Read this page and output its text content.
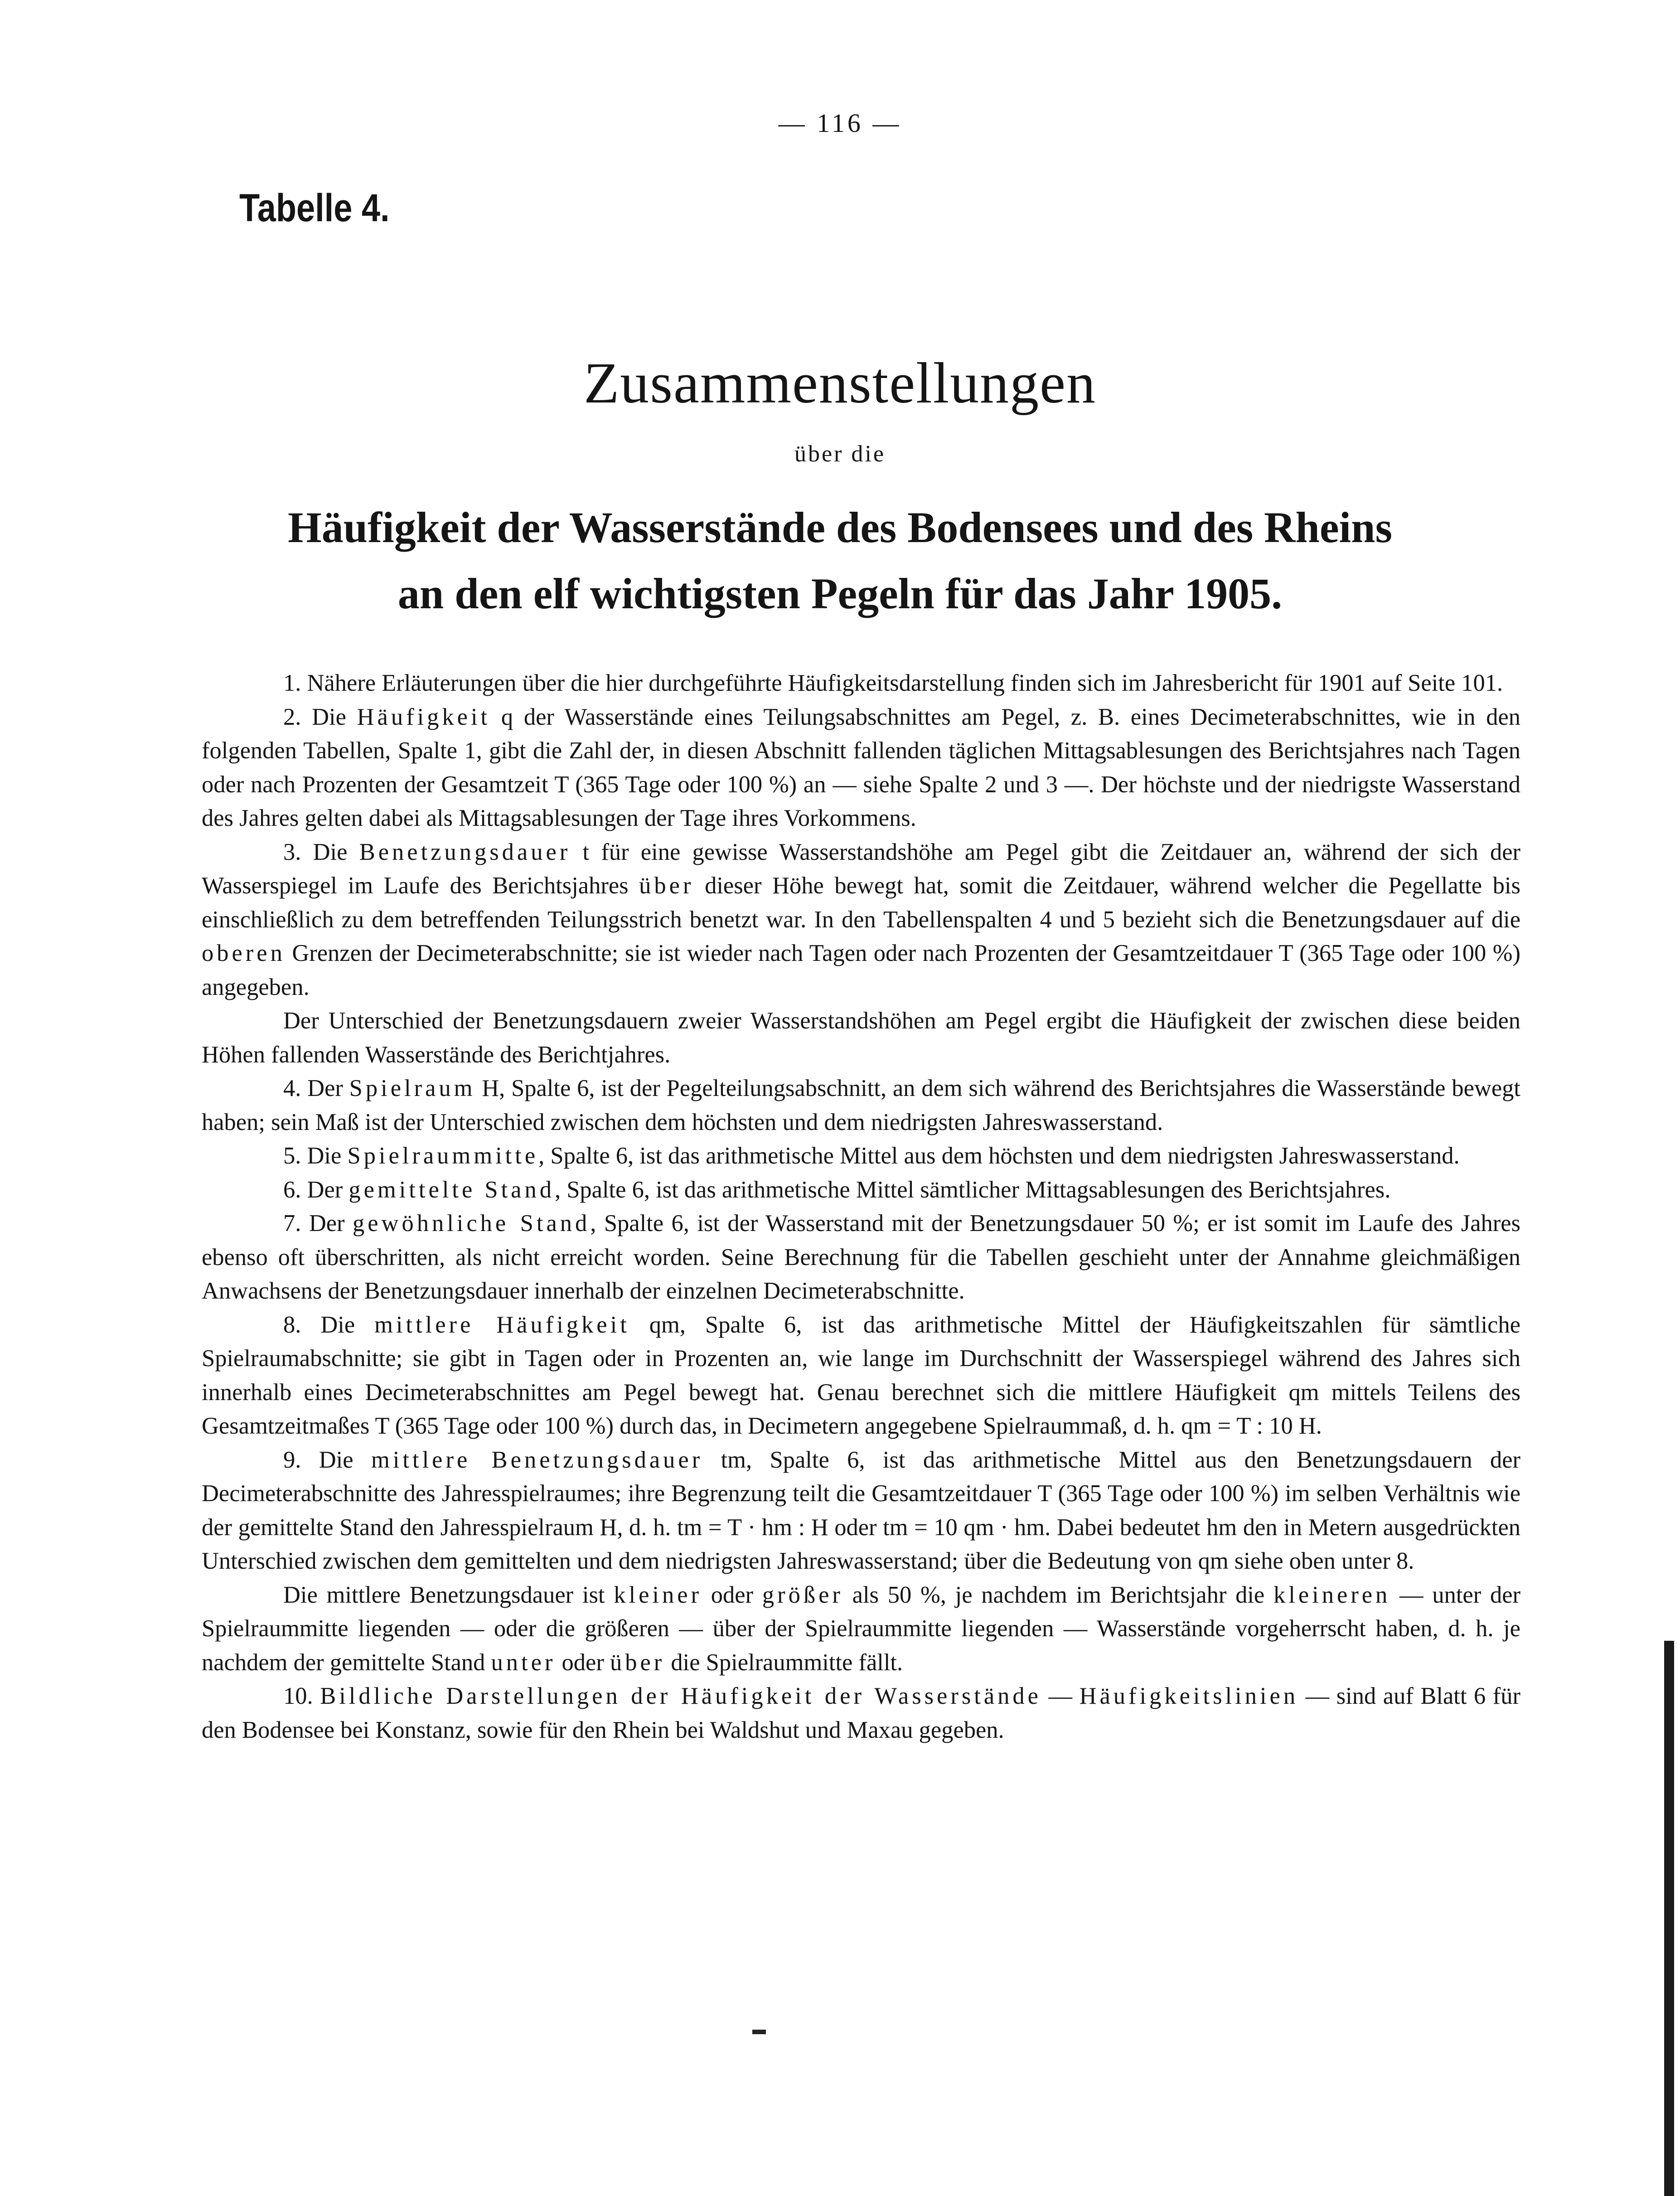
— 116 —
Tabelle 4.
Zusammenstellungen
über die
Häufigkeit der Wasserstände des Bodensees und des Rheins
an den elf wichtigsten Pegeln für das Jahr 1905.

1. Nähere Erläuterungen über die hier durchgeführte Häufigkeitsdarstellung finden sich im Jahresbericht für 1901 auf Seite 101.

2. Die Häufigkeit q der Wasserstände eines Teilungsabschnittes am Pegel, z. B. eines Decimeterabschnittes, wie in den folgenden Tabellen, Spalte 1, gibt die Zahl der, in diesen Abschnitt fallenden täglichen Mittagsablesungen des Berichtsjahres nach Tagen oder nach Prozenten der Gesamtzeit T (365 Tage oder 100 %) an — siehe Spalte 2 und 3 —. Der höchste und der niedrigste Wasserstand des Jahres gelten dabei als Mittagsablesungen der Tage ihres Vorkommens.

3. Die Benetzungsdauer t für eine gewisse Wasserstandshöhe am Pegel gibt die Zeitdauer an, während der sich der Wasserspiegel im Laufe des Berichtsjahres über dieser Höhe bewegt hat, somit die Zeitdauer, während welcher die Pegellatte bis einschließlich zu dem betreffenden Teilungsstrich benetzt war. In den Tabellenspalten 4 und 5 bezieht sich die Benetzungsdauer auf die oberen Grenzen der Decimeterabschnitte; sie ist wieder nach Tagen oder nach Prozenten der Gesamtzeitdauer T (365 Tage oder 100 %) angegeben.

Der Unterschied der Benetzungsdauern zweier Wasserstandshöhen am Pegel ergibt die Häufigkeit der zwischen diese beiden Höhen fallenden Wasserstände des Berichtjahres.

4. Der Spielraum H, Spalte 6, ist der Pegelteilungsabschnitt, an dem sich während des Berichtsjahres die Wasserstände bewegt haben; sein Maß ist der Unterschied zwischen dem höchsten und dem niedrigsten Jahreswasserstand.

5. Die Spielraummitte, Spalte 6, ist das arithmetische Mittel aus dem höchsten und dem niedrigsten Jahreswasserstand.

6. Der gemittelte Stand, Spalte 6, ist das arithmetische Mittel sämtlicher Mittagsablesungen des Berichtsjahres.

7. Der gewöhnliche Stand, Spalte 6, ist der Wasserstand mit der Benetzungsdauer 50 %; er ist somit im Laufe des Jahres ebenso oft überschritten, als nicht erreicht worden. Seine Berechnung für die Tabellen geschieht unter der Annahme gleichmäßigen Anwachsens der Benetzungsdauer innerhalb der einzelnen Decimeterabschnitte.

8. Die mittlere Häufigkeit qm, Spalte 6, ist das arithmetische Mittel der Häufigkeitszahlen für sämtliche Spielraumabschnitte; sie gibt in Tagen oder in Prozenten an, wie lange im Durchschnitt der Wasserspiegel während des Jahres sich innerhalb eines Decimeterabschnittes am Pegel bewegt hat. Genau berechnet sich die mittlere Häufigkeit qm mittels Teilens des Gesamtzeitmaßes T (365 Tage oder 100 %) durch das, in Decimetern angegebene Spielraummaß, d. h. qm = T : 10 H.

9. Die mittlere Benetzungsdauer tm, Spalte 6, ist das arithmetische Mittel aus den Benetzungsdauern der Decimeterabschnitte des Jahresspielraumes; ihre Begrenzung teilt die Gesamtzeitdauer T (365 Tage oder 100 %) im selben Verhältnis wie der gemittelte Stand den Jahresspielraum H, d. h. tm = T · hm : H oder tm = 10 qm · hm. Dabei bedeutet hm den in Metern ausgedrückten Unterschied zwischen dem gemittelten und dem niedrigsten Jahreswasserstand; über die Bedeutung von qm siehe oben unter 8.

Die mittlere Benetzungsdauer ist kleiner oder größer als 50 %, je nachdem im Berichtsjahr die kleineren — unter der Spielraummitte liegenden — oder die größeren — über der Spielraummitte liegenden — Wasserstände vorgeherrscht haben, d. h. je nachdem der gemittelte Stand unter oder über die Spielraummitte fällt.

10. Bildliche Darstellungen der Häufigkeit der Wasserstände — Häufigkeitslinien — sind auf Blatt 6 für den Bodensee bei Konstanz, sowie für den Rhein bei Waldshut und Maxau gegeben.
